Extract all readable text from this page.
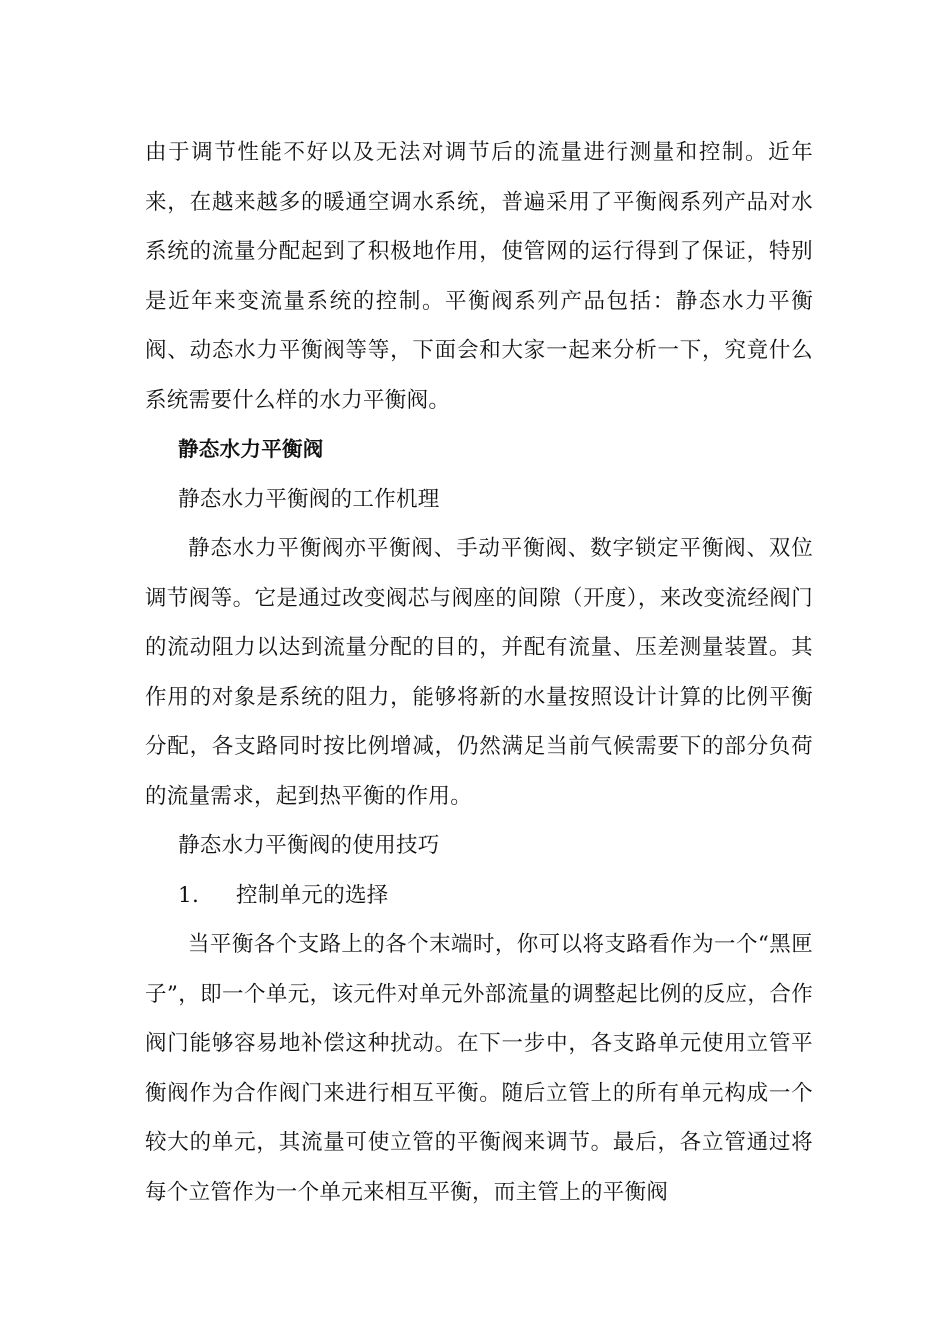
由于调节性能不好以及无法对调节后的流量进行测量和控制。近年来，在越来越多的暖通空调水系统，普遍采用了平衡阀系列产品对水系统的流量分配起到了积极地作用，使管网的运行得到了保证，特别是近年来变流量系统的控制。平衡阀系列产品包括：静态水力平衡阀、动态水力平衡阀等等，下面会和大家一起来分析一下，究竟什么系统需要什么样的水力平衡阀。

静态水力平衡阀

静态水力平衡阀的工作机理

静态水力平衡阀亦平衡阀、手动平衡阀、数字锁定平衡阀、双位调节阀等。它是通过改变阀芯与阀座的间隙（开度），来改变流经阀门的流动阻力以达到流量分配的目的，并配有流量、压差测量装置。其作用的对象是系统的阻力，能够将新的水量按照设计计算的比例平衡分配，各支路同时按比例增减，仍然满足当前气候需要下的部分负荷的流量需求，起到热平衡的作用。

静态水力平衡阀的使用技巧

1.	控制单元的选择

当平衡各个支路上的各个末端时，你可以将支路看作为一个“黑匣子”，即一个单元，该元件对单元外部流量的调整起比例的反应，合作阀门能够容易地补偿这种扰动。在下一步中，各支路单元使用立管平衡阀作为合作阀门来进行相互平衡。随后立管上的所有单元构成一个较大的单元，其流量可使立管的平衡阀来调节。最后，各立管通过将每个立管作为一个单元来相互平衡，而主管上的平衡阀
